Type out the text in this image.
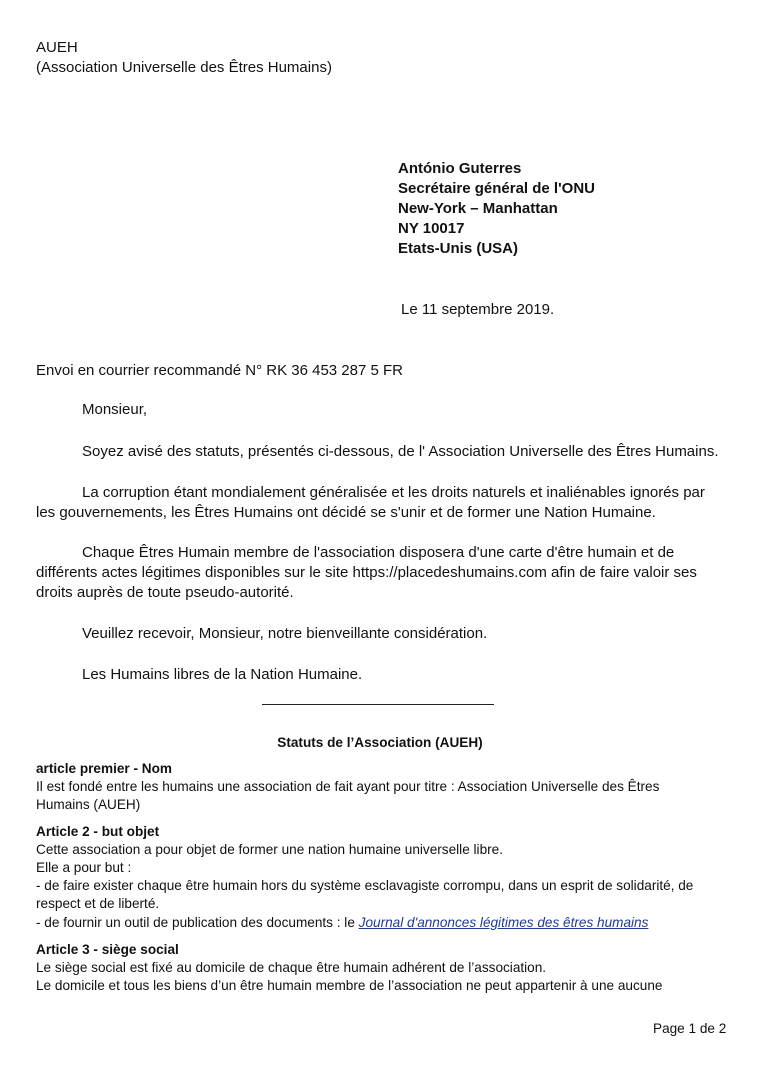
AUEH
(Association Universelle des Êtres Humains)
António Guterres
Secrétaire général de l'ONU
New-York – Manhattan
NY 10017
Etats-Unis (USA)
Le 11 septembre 2019.
Envoi en courrier recommandé N° RK 36 453 287 5 FR
Monsieur,
Soyez avisé des statuts, présentés ci-dessous, de l' Association Universelle des Êtres Humains.
La corruption étant mondialement généralisée et les droits naturels et inaliénables ignorés par
les gouvernements, les Êtres Humains ont décidé se s'unir et de former une Nation Humaine.
Chaque Êtres Humain membre de l'association disposera d'une carte d'être humain et de
différents actes légitimes disponibles sur le site https://placedeshumains.com afin de faire valoir ses
droits auprès de toute pseudo-autorité.
Veuillez recevoir, Monsieur, notre bienveillante considération.
Les Humains libres de la Nation Humaine.
Statuts de l’Association (AUEH)
article premier - Nom
Il est fondé entre les humains une association de fait ayant pour titre : Association Universelle des Êtres
Humains (AUEH)
Article 2 - but objet
Cette association a pour objet de former une nation humaine universelle libre.
Elle a pour but :
- de faire exister chaque être humain hors du système esclavagiste corrompu, dans un esprit de solidarité, de
respect et de liberté.
- de fournir un outil de publication des documents : le Journal d'annonces légitimes des êtres humains
Article 3 - siège social
Le siège social est fixé au domicile de chaque être humain adhérent de l’association.
Le domicile et tous les biens d’un être humain membre de l’association ne peut appartenir à une aucune
Page 1 de 2
